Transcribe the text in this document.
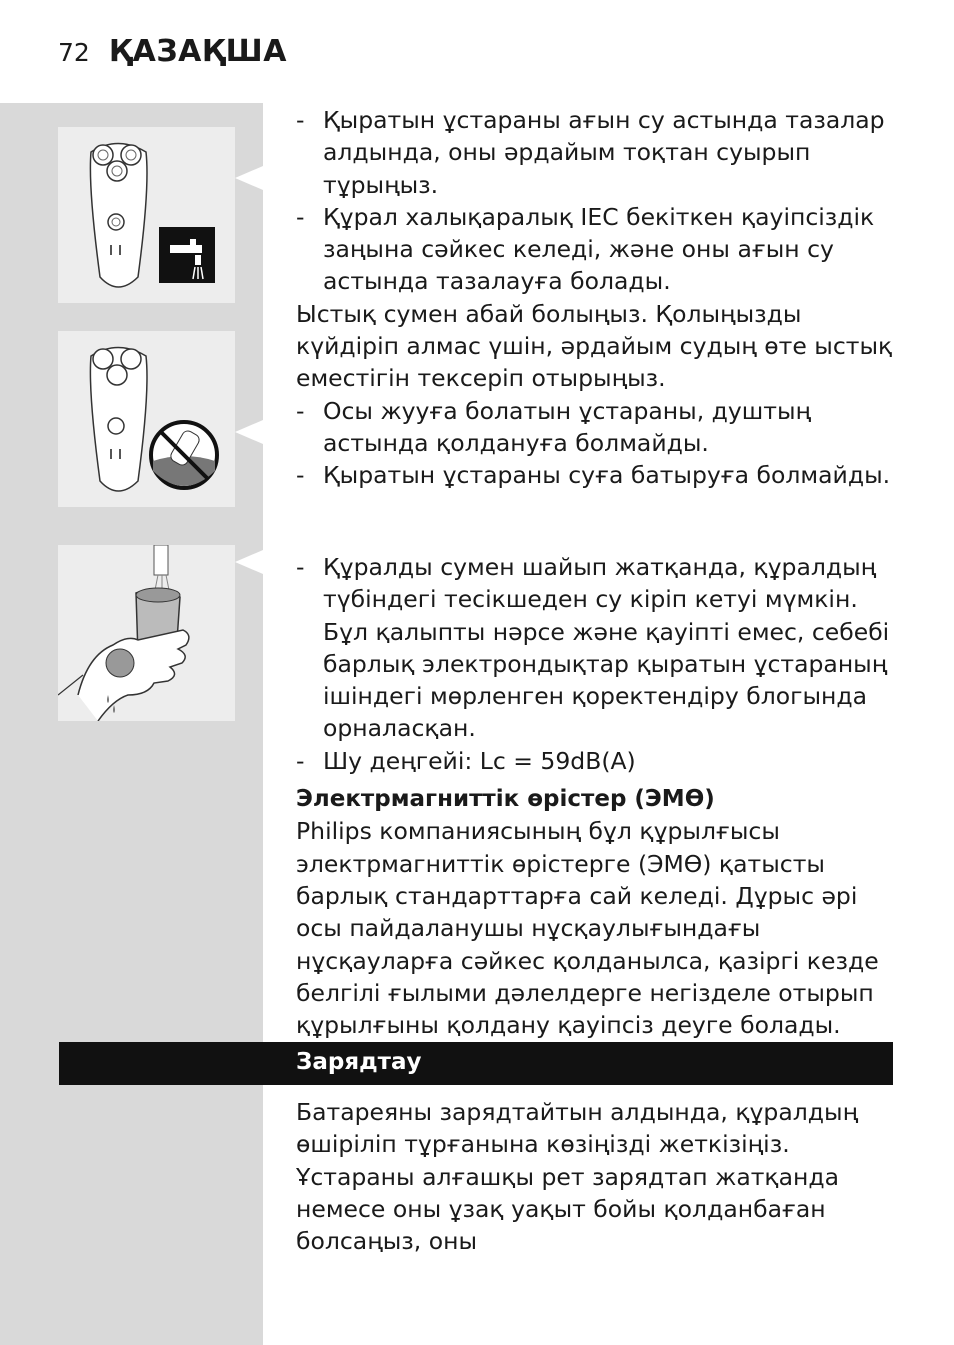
72 ҚАЗАҚША
- Қыратын ұстараны ағын су астында тазалар алдында, оны әрдайым тоқтан суырып тұрыңыз.
- Құрал халықаралық IEC бекіткен қауіпсіздік заңына сәйкес келеді, және оны ағын су астында тазалауға болады.

Ыстық сумен абай болыңыз. Қолыңызды күйдіріп алмас үшін, әрдайым судың өте ыстық еместігін тексеріп отырыңыз.

- Осы жууға болатын ұстараны, душтың астында қолдануға болмайды.
- Қыратын ұстараны суға батыруға болмайды.
- Құралды сумен шайып жатқанда, құралдың түбіндегі тесікшеден су кіріп кетуі мүмкін. Бұл қалыпты нәрсе және қауіпті емес, себебі барлық электрондықтар қыратын ұстараның ішіндегі мөрленген қоректендіру блогында орналасқан.
- Шу деңгейі: Lc = 59dB(A)

Электрмагниттік өрістер (ЭМӨ)

Philips компаниясының бұл құрылғысы электрмагниттік өрістерге (ЭМӨ) қатысты барлық стандарттарға сай келеді. Дұрыс әрі осы пайдаланушы нұсқаулығындағы нұсқауларға сәйкес қолданылса, қазіргі кезде белгілі ғылыми дәлелдерге негізделе отырып құрылғыны қолдану қауіпсіз деуге болады.

Зарядтау

Батареяны зарядтайтын алдында, құралдың өшіріліп тұрғанына көзіңізді жеткізіңіз.

Ұстараны алғашқы рет зарядтап жатқанда немесе оны ұзақ уақыт бойы қолданбаған болсаңыз, оны
